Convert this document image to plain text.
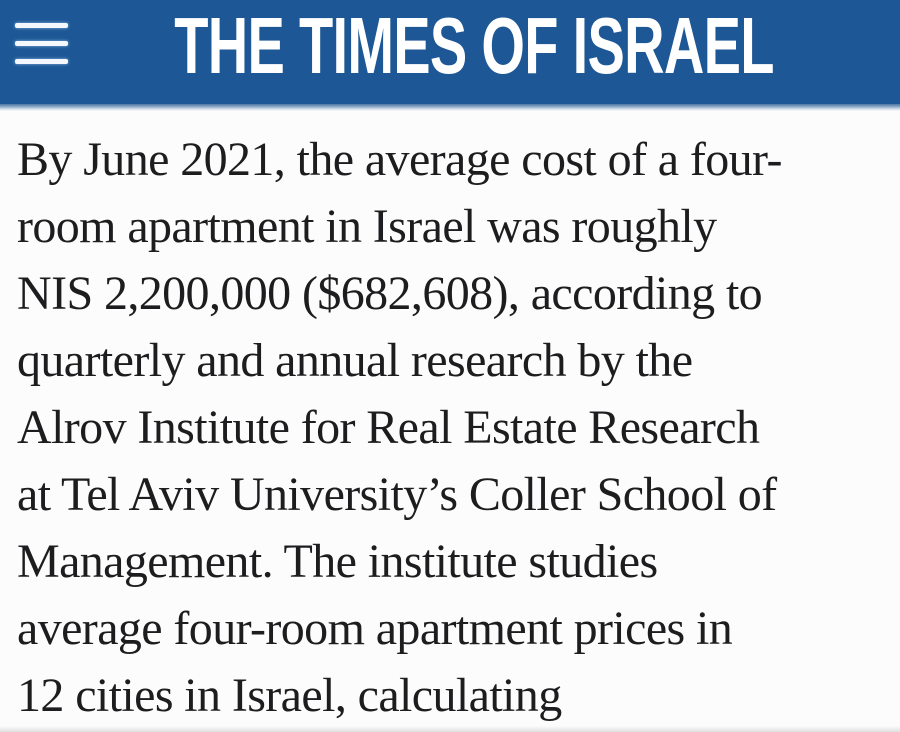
THE TIMES OF ISRAEL
By June 2021, the average cost of a four-
room apartment in Israel was roughly
NIS 2,200,000 ($682,608), according to
quarterly and annual research by the
Alrov Institute for Real Estate Research
at Tel Aviv University’s Coller School of
Management. The institute studies
average four-room apartment prices in
12 cities in Israel, calculating
